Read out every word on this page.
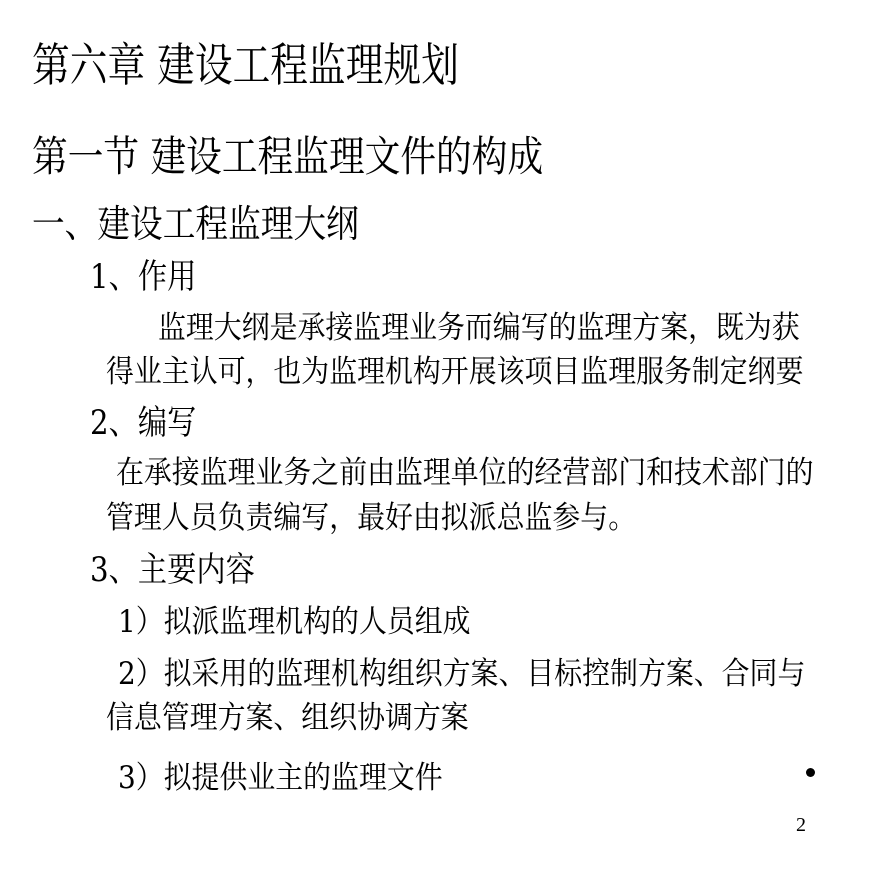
第六章 建设工程监理规划
第一节 建设工程监理文件的构成
一、建设工程监理大纲
1、作用
监理大纲是承接监理业务而编写的监理方案，既为获
得业主认可，也为监理机构开展该项目监理服务制定纲要
2、编写
在承接监理业务之前由监理单位的经营部门和技术部门的
管理人员负责编写，最好由拟派总监参与。
3、主要内容
1）拟派监理机构的人员组成
2）拟采用的监理机构组织方案、目标控制方案、合同与
信息管理方案、组织协调方案
3）拟提供业主的监理文件
2
